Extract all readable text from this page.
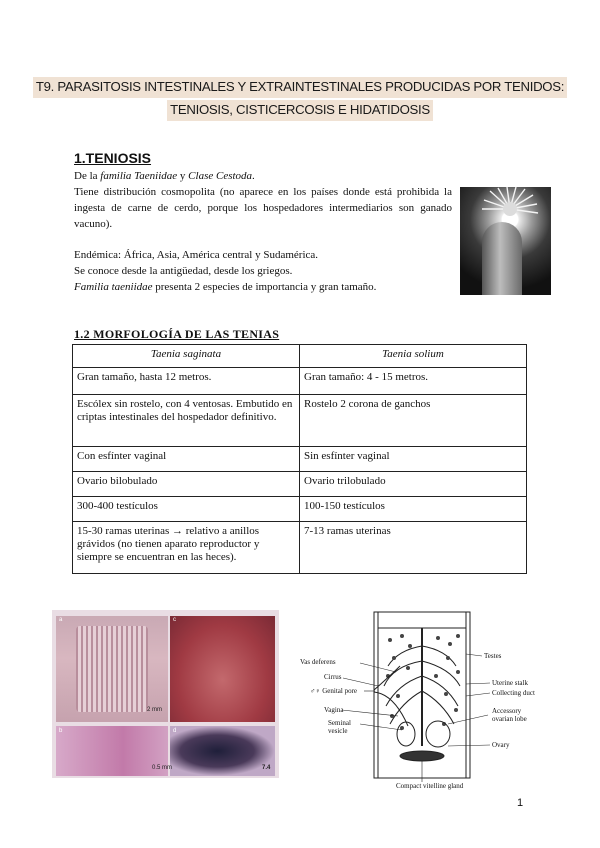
T9. PARASITOSIS INTESTINALES Y EXTRAINTESTINALES PRODUCIDAS POR TENIDOS:
TENIOSIS, CISTICERCOSIS E HIDATIDOSIS
1.TENIOSIS

De la familia Taeniidae y Clase Cestoda.

Tiene distribución cosmopolita (no aparece en los países donde está prohibida la ingesta de carne de cerdo, porque los hospedadores intermediarios son ganado vacuno).

Endémica: África, Asia, América central y Sudamérica.

Se conoce desde la antigüedad, desde los griegos.

Familia taeniidae presenta 2 especies de importancia y gran tamaño.

1.2 MORFOLOGÍA DE LAS TENIAS
Taenia saginata	Taenia solium
Gran tamaño, hasta 12 metros.	Gran tamaño: 4 - 15 metros.
Escólex sin rostelo, con 4 ventosas. Embutido en criptas intestinales del hospedador definitivo.	Rostelo 2 corona de ganchos
Con esfínter vaginal	Sin esfínter vaginal
Ovario bilobulado	Ovario trilobulado
300-400 testículos	100-150 testículos
15-30 ramas uterinas → relativo a anillos grávidos (no tienen aparato reproductor y siempre se encuentran en las heces).	7-13 ramas uterinas
a
b
c
d
2 mm
0.5 mm	7.4
Testes
Uterine stalk
Collecting duct
Accessory
ovarian lobe
Ovary
Vas deferens
Cirrus
♂♀ Genital pore
Vagina
Seminal
vesicle
Compact vitelline gland
1
